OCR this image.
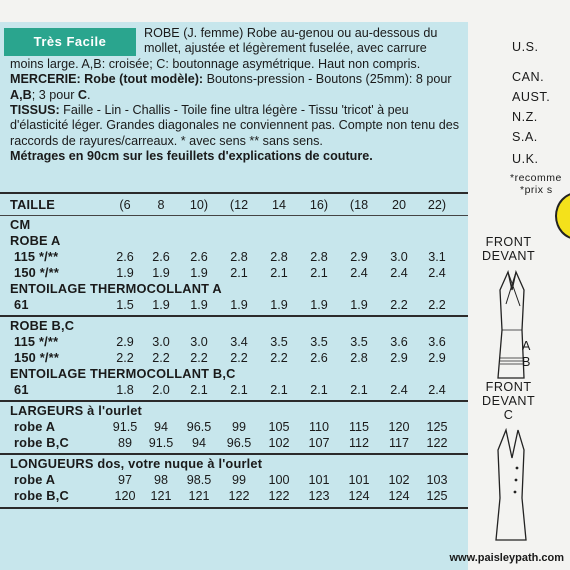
Très Facile

ROBE (J. femme) Robe au-genou ou au-dessous du mollet, ajustée et légèrement fuselée, avec carrure moins large. A,B: croisée; C: boutonnage asymétrique. Haut non compris.

MERCERIE: Robe (tout modèle): Boutons-pression - Boutons (25mm): 8 pour A,B; 3 pour C.

TISSUS: Faille - Lin - Challis - Toile fine ultra légère - Tissu 'tricot' à peu d'élasticité léger. Grandes diagonales ne conviennent pas. Compte non tenu des raccords de rayures/carreaux. * avec sens ** sans sens.

Métrages en 90cm sur les feuillets d'explications de couture.

TAILLE	(6	8	10)	(12	14	16)	(18	20	22)
CM
ROBE A
115 */**	2.6	2.6	2.6	2.8	2.8	2.8	2.9	3.0	3.1
150 */**	1.9	1.9	1.9	2.1	2.1	2.1	2.4	2.4	2.4
ENTOILAGE THERMOCOLLANT A
61	1.5	1.9	1.9	1.9	1.9	1.9	1.9	2.2	2.2
ROBE B,C
115 */**	2.9	3.0	3.0	3.4	3.5	3.5	3.5	3.6	3.6
150 */**	2.2	2.2	2.2	2.2	2.2	2.6	2.8	2.9	2.9
ENTOILAGE THERMOCOLLANT B,C
61	1.8	2.0	2.1	2.1	2.1	2.1	2.1	2.4	2.4
LARGEURS à l'ourlet
robe A	91.5	94	96.5	99	105	110	115	120	125
robe B,C	89	91.5	94	96.5	102	107	112	117	122
LONGUEURS dos, votre nuque à l'ourlet
robe A	97	98	98.5	99	100	101	101	102	103
robe B,C	120	121	121	122	122	123	124	124	125
U.S.
CAN.
AUST.
N.Z.
S.A.
U.K.
*recomme
*prix s
FRONT
DEVANT
A
B
FRONT
DEVANT
C
www.paisleypath.com
